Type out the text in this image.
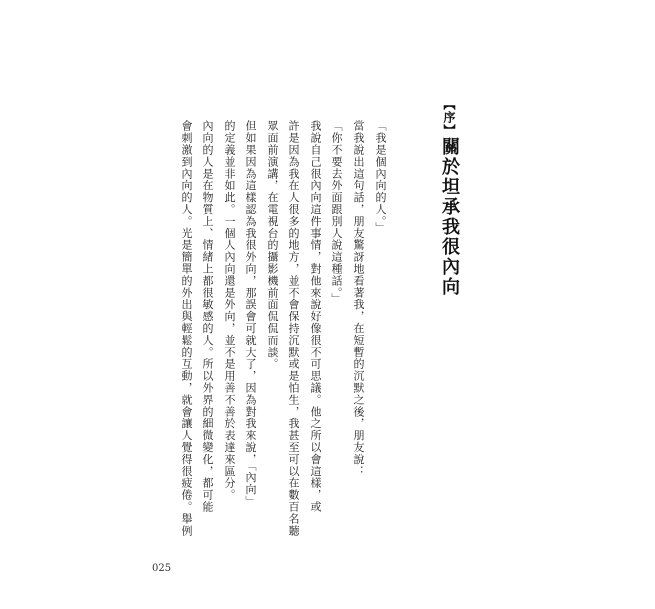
【序】關於坦承我很內向
「我是個內向的人。」
當我說出這句話，朋友驚訝地看著我，在短暫的沉默之後，朋友說：
「你不要去外面跟別人說這種話。」
我說自己很內向這件事情，對他來說好像很不可思議。他之所以會這樣，或
許是因為我在人很多的地方，並不會保持沉默或是怕生，我甚至可以在數百名聽
眾面前演講，在電視台的攝影機前面侃侃而談。
但如果因為這樣認為我很外向，那誤會可就大了，因為對我來說，「內向」
的定義並非如此。一個人內向還是外向，並不是用善不善於表達來區分。
內向的人是在物質上、情緒上都很敏感的人。所以外界的細微變化，都可能
會刺激到內向的人。光是簡單的外出與輕鬆的互動，就會讓人覺得很疲倦。舉例
025
